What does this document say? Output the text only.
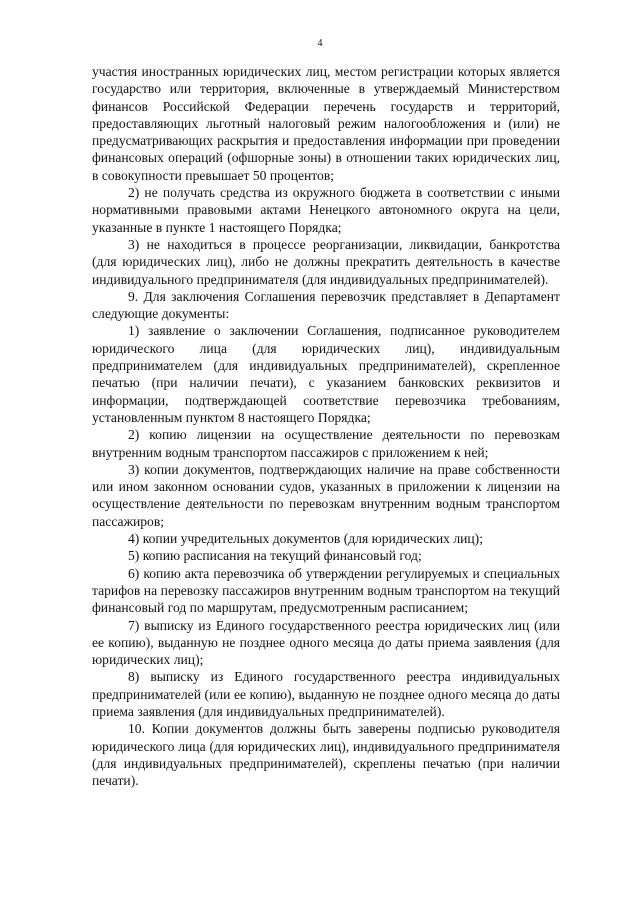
4

участия иностранных юридических лиц, местом регистрации которых является государство или территория, включенные в утверждаемый Министерством финансов Российской Федерации перечень государств и территорий, предоставляющих льготный налоговый режим налогообложения и (или) не предусматривающих раскрытия и предоставления информации при проведении финансовых операций (офшорные зоны) в отношении таких юридических лиц, в совокупности превышает 50 процентов;

2) не получать средства из окружного бюджета в соответствии с иными нормативными правовыми актами Ненецкого автономного округа на цели, указанные в пункте 1 настоящего Порядка;

3) не находиться в процессе реорганизации, ликвидации, банкротства (для юридических лиц), либо не должны прекратить деятельность в качестве индивидуального предпринимателя (для индивидуальных предпринимателей).

9. Для заключения Соглашения перевозчик представляет в Департамент следующие документы:

1) заявление о заключении Соглашения, подписанное руководителем юридического лица (для юридических лиц), индивидуальным предпринимателем (для индивидуальных предпринимателей), скрепленное печатью (при наличии печати), с указанием банковских реквизитов и информации, подтверждающей соответствие перевозчика требованиям, установленным пунктом 8 настоящего Порядка;

2) копию лицензии на осуществление деятельности по перевозкам внутренним водным транспортом пассажиров с приложением к ней;

3) копии документов, подтверждающих наличие на праве собственности или ином законном основании судов, указанных в приложении к лицензии на осуществление деятельности по перевозкам внутренним водным транспортом пассажиров;

4) копии учредительных документов (для юридических лиц);

5) копию расписания на текущий финансовый год;

6) копию акта перевозчика об утверждении регулируемых и специальных тарифов на перевозку пассажиров внутренним водным транспортом на текущий финансовый год по маршрутам, предусмотренным расписанием;

7) выписку из Единого государственного реестра юридических лиц (или ее копию), выданную не позднее одного месяца до даты приема заявления (для юридических лиц);

8) выписку из Единого государственного реестра индивидуальных предпринимателей (или ее копию), выданную не позднее одного месяца до даты приема заявления (для индивидуальных предпринимателей).

10. Копии документов должны быть заверены подписью руководителя юридического лица (для юридических лиц), индивидуального предпринимателя (для индивидуальных предпринимателей), скреплены печатью (при наличии печати).
